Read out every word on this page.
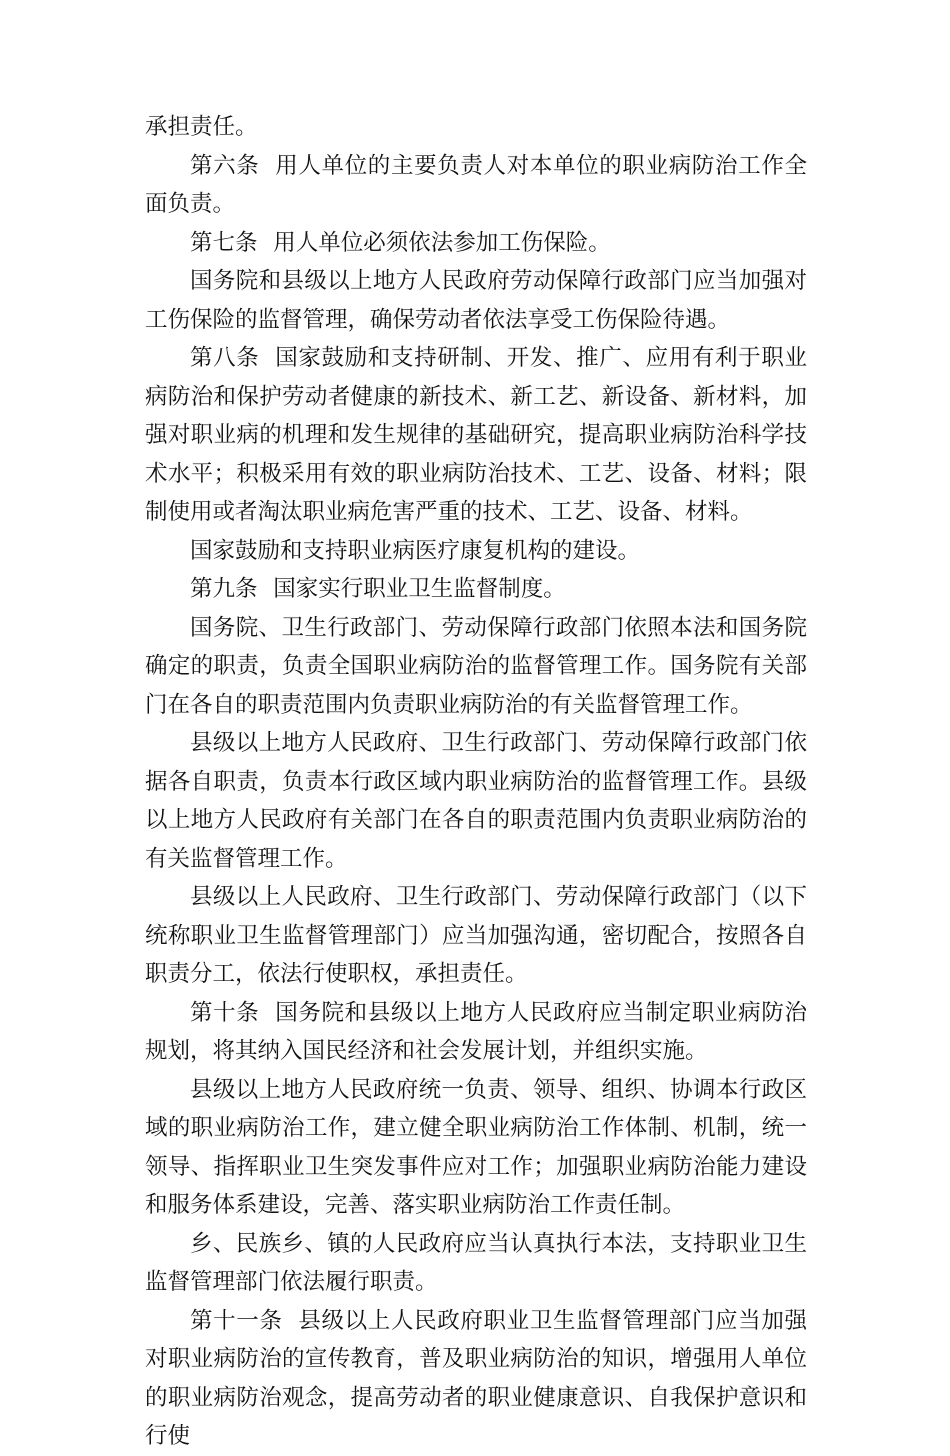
承担责任。

第六条 用人单位的主要负责人对本单位的职业病防治工作全面负责。

第七条 用人单位必须依法参加工伤保险。

国务院和县级以上地方人民政府劳动保障行政部门应当加强对工伤保险的监督管理，确保劳动者依法享受工伤保险待遇。

第八条 国家鼓励和支持研制、开发、推广、应用有利于职业病防治和保护劳动者健康的新技术、新工艺、新设备、新材料，加强对职业病的机理和发生规律的基础研究，提高职业病防治科学技术水平；积极采用有效的职业病防治技术、工艺、设备、材料；限制使用或者淘汰职业病危害严重的技术、工艺、设备、材料。

国家鼓励和支持职业病医疗康复机构的建设。

第九条 国家实行职业卫生监督制度。

国务院、卫生行政部门、劳动保障行政部门依照本法和国务院确定的职责，负责全国职业病防治的监督管理工作。国务院有关部门在各自的职责范围内负责职业病防治的有关监督管理工作。

县级以上地方人民政府、卫生行政部门、劳动保障行政部门依据各自职责，负责本行政区域内职业病防治的监督管理工作。县级以上地方人民政府有关部门在各自的职责范围内负责职业病防治的有关监督管理工作。

县级以上人民政府、卫生行政部门、劳动保障行政部门（以下统称职业卫生监督管理部门）应当加强沟通，密切配合，按照各自职责分工，依法行使职权，承担责任。

第十条 国务院和县级以上地方人民政府应当制定职业病防治规划，将其纳入国民经济和社会发展计划，并组织实施。

县级以上地方人民政府统一负责、领导、组织、协调本行政区域的职业病防治工作，建立健全职业病防治工作体制、机制，统一领导、指挥职业卫生突发事件应对工作；加强职业病防治能力建设和服务体系建设，完善、落实职业病防治工作责任制。

乡、民族乡、镇的人民政府应当认真执行本法，支持职业卫生监督管理部门依法履行职责。

第十一条 县级以上人民政府职业卫生监督管理部门应当加强对职业病防治的宣传教育，普及职业病防治的知识，增强用人单位的职业病防治观念，提高劳动者的职业健康意识、自我保护意识和行使
